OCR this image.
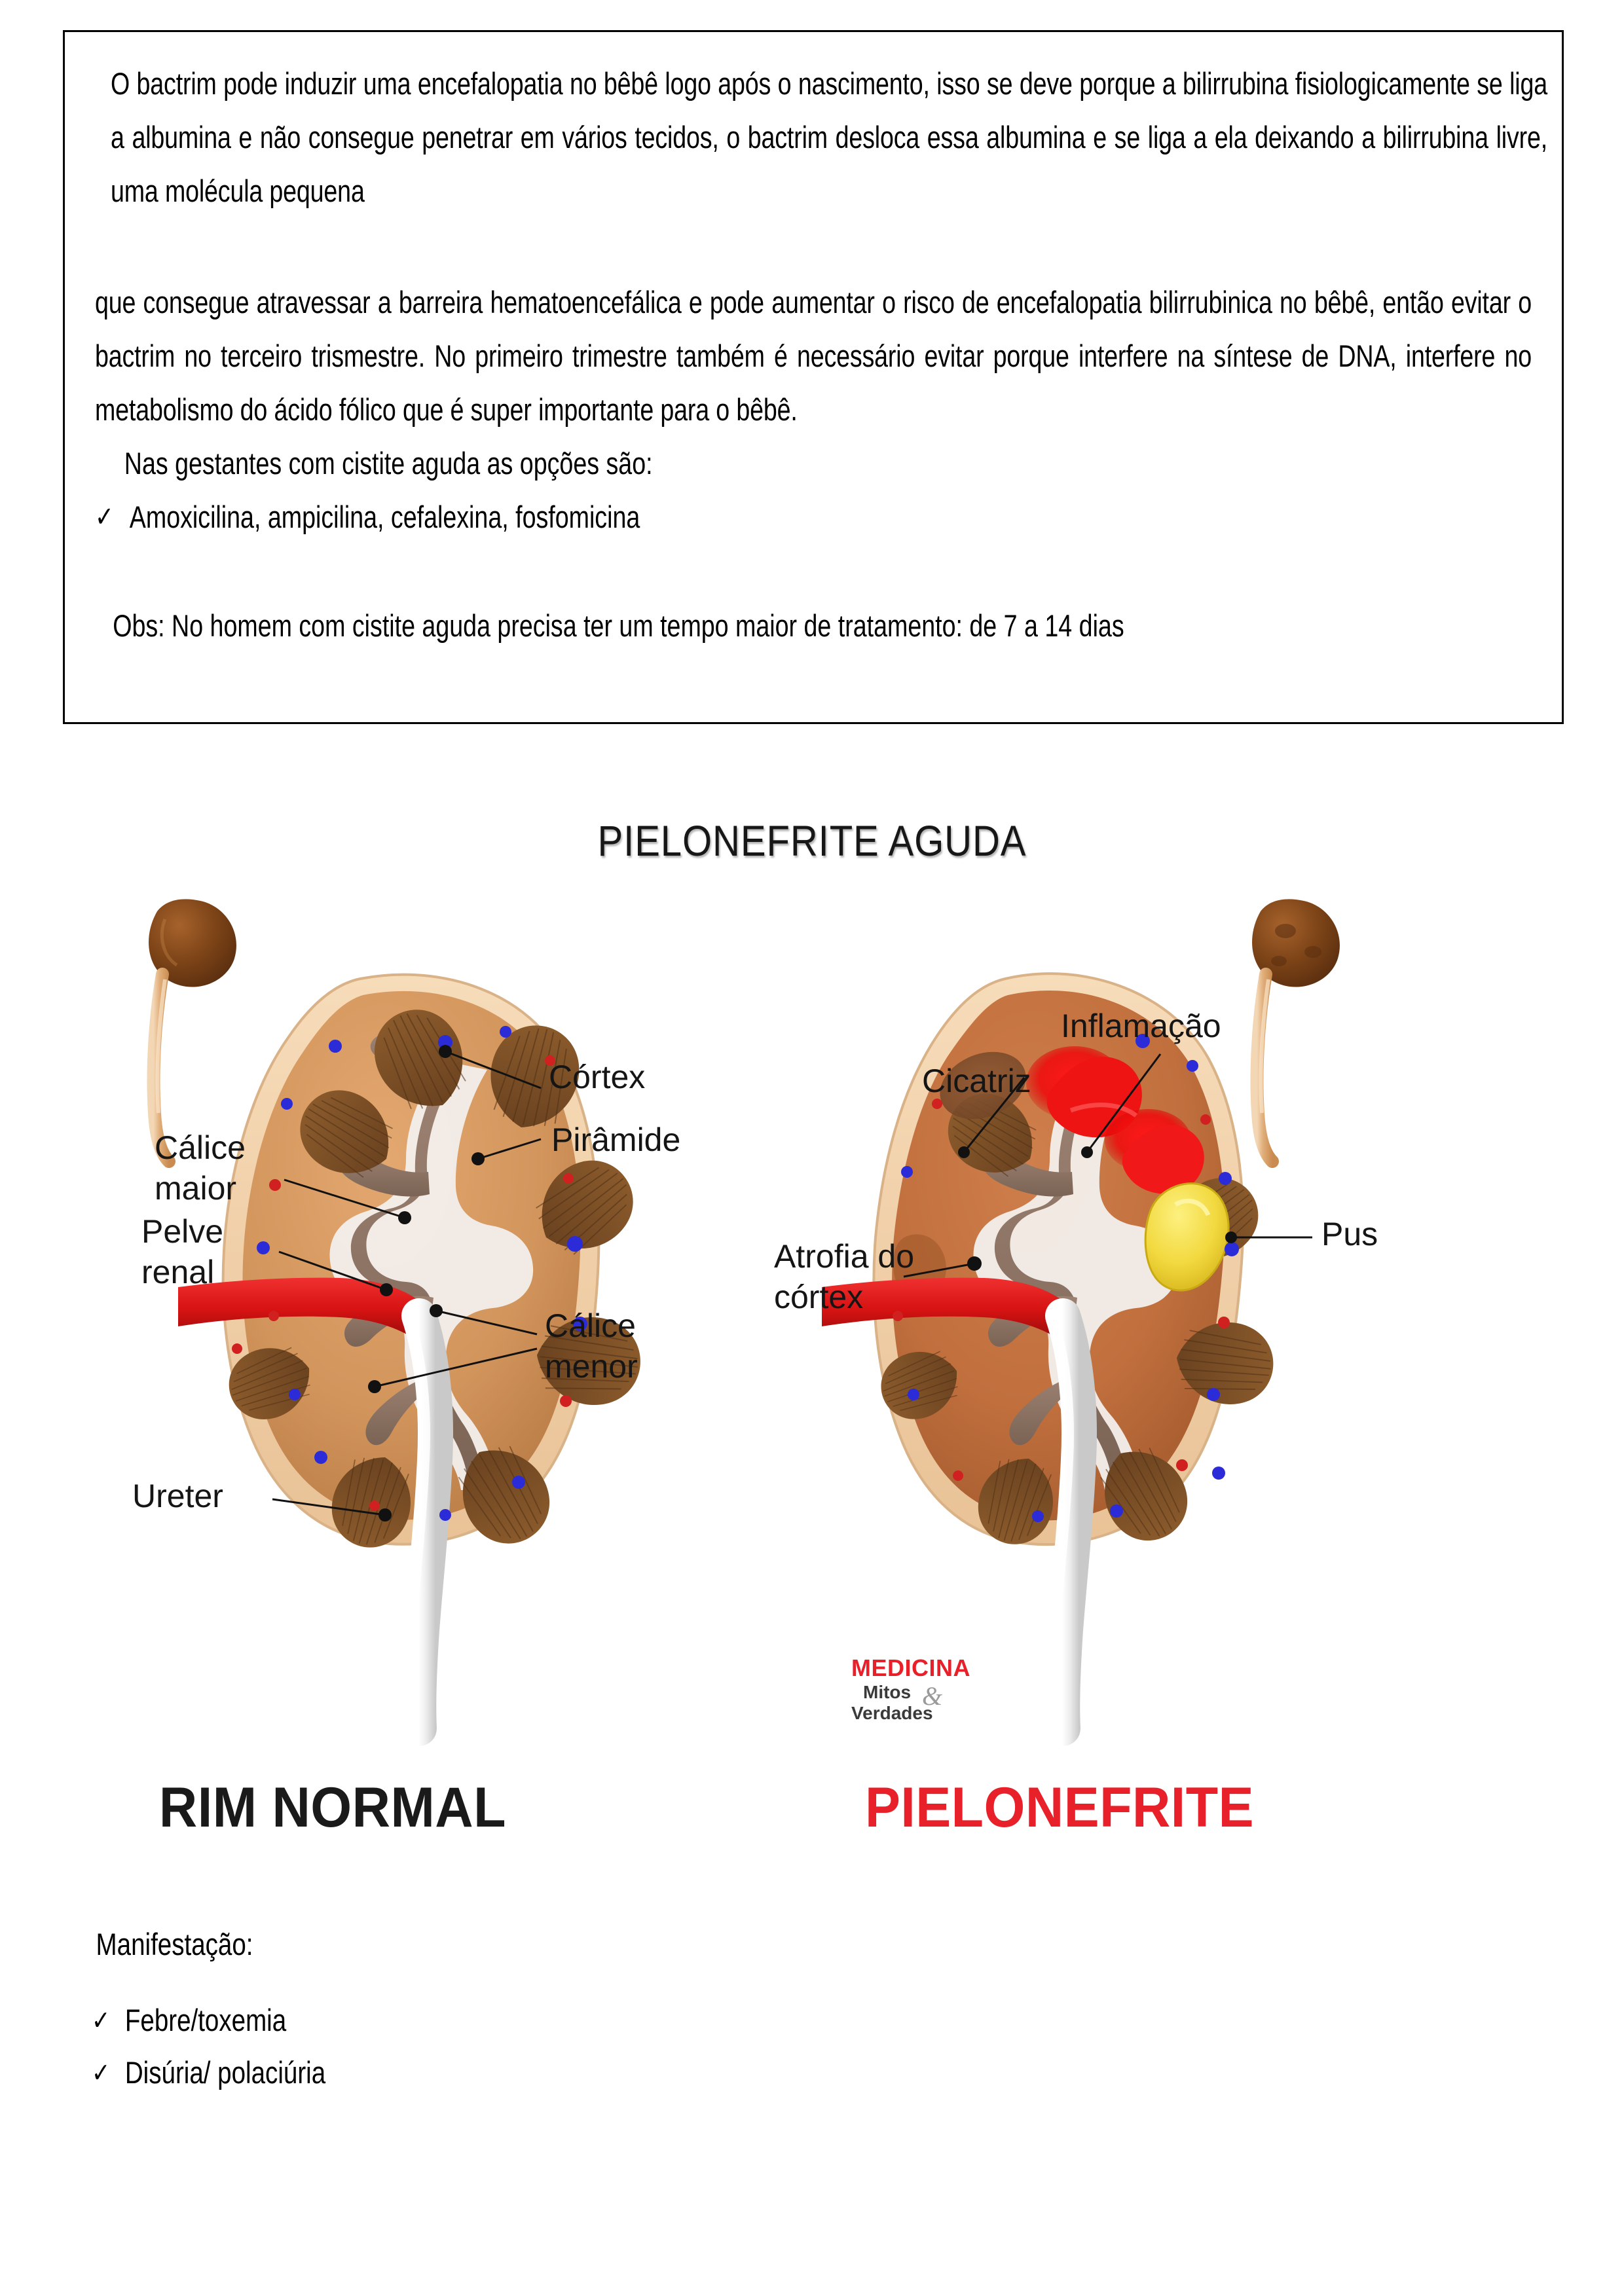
O bactrim pode induzir uma encefalopatia no bêbê logo após o nascimento, isso se deve porque a bilirrubina fisiologicamente se liga a albumina e não consegue penetrar em vários tecidos, o bactrim desloca essa albumina e se liga a ela deixando a bilirrubina livre, uma molécula pequena
que consegue atravessar a barreira hematoencefálica e pode aumentar o risco de encefalopatia bilirrubinica no bêbê, então evitar o bactrim no terceiro trismestre. No primeiro trimestre também é necessário evitar porque interfere na síntese de DNA, interfere no metabolismo do ácido fólico que é super importante para o bêbê.
Nas gestantes com cistite aguda as opções são:
✓ Amoxicilina, ampicilina, cefalexina, fosfomicina
Obs: No homem com cistite aguda precisa ter um tempo maior de tratamento: de 7 a 14 dias
PIELONEFRITE AGUDA
Córtex
Pirâmide
Cálice
maior
Pelve
renal
Cálice
menor
Ureter
Inflamação
Cicatriz
Atrofia do
córtex
Pus
MEDICINA
Mitos &
Verdades
RIM NORMAL	PIELONEFRITE
Manifestação:
✓ Febre/toxemia
✓ Disúria/ polaciúria
